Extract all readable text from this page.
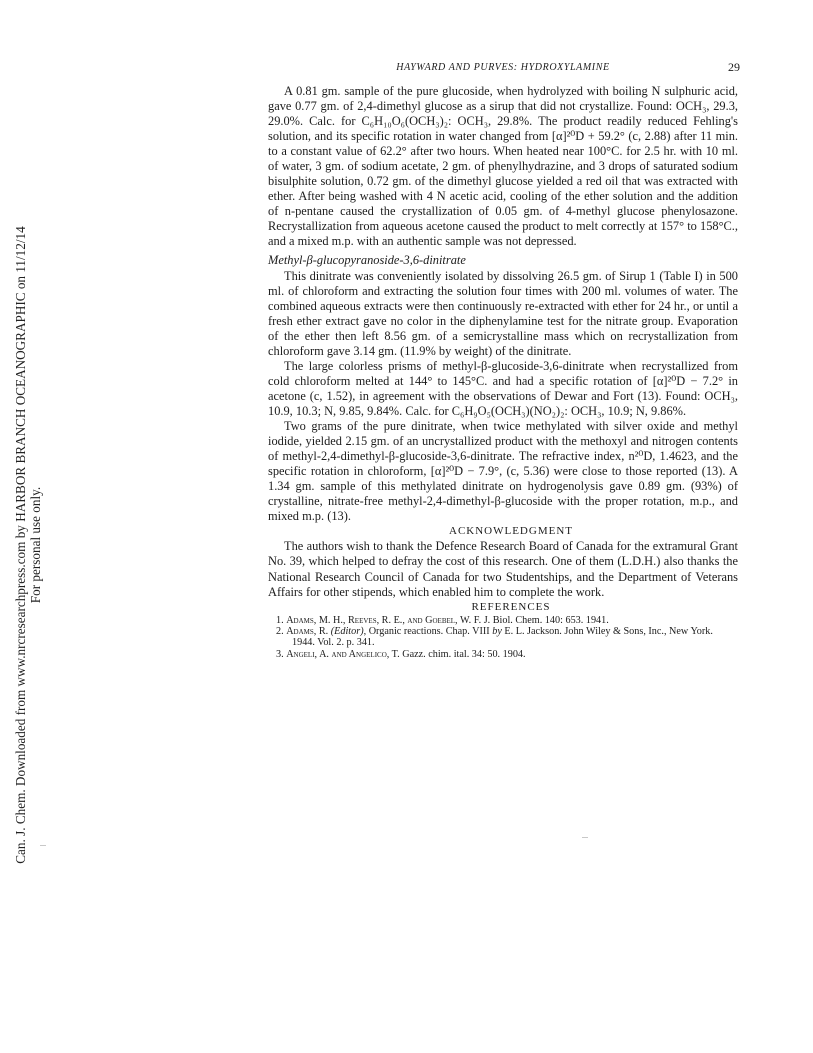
HAYWARD AND PURVES: HYDROXYLAMINE	29
Can. J. Chem. Downloaded from www.nrcresearchpress.com by HARBOR BRANCH OCEANOGRAPHIC on 11/12/14 For personal use only.

A 0.81 gm. sample of the pure glucoside, when hydrolyzed with boiling N sulphuric acid, gave 0.77 gm. of 2,4-dimethyl glucose as a sirup that did not crystallize. Found: OCH₃, 29.3, 29.0%. Calc. for C₆H₁₀O₆(OCH₃)₂: OCH₃, 29.8%. The product readily reduced Fehling's solution, and its specific rotation in water changed from [α]²⁰D + 59.2° (c, 2.88) after 11 min. to a constant value of 62.2° after two hours. When heated near 100°C. for 2.5 hr. with 10 ml. of water, 3 gm. of sodium acetate, 2 gm. of phenylhydrazine, and 3 drops of saturated sodium bisulphite solution, 0.72 gm. of the dimethyl glucose yielded a red oil that was extracted with ether. After being washed with 4 N acetic acid, cooling of the ether solution and the addition of n-pentane caused the crystallization of 0.05 gm. of 4-methyl glucose phenylosazone. Recrystallization from aqueous acetone caused the product to melt correctly at 157° to 158°C., and a mixed m.p. with an authentic sample was not depressed.

Methyl-β-glucopyranoside-3,6-dinitrate

This dinitrate was conveniently isolated by dissolving 26.5 gm. of Sirup 1 (Table I) in 500 ml. of chloroform and extracting the solution four times with 200 ml. volumes of water. The combined aqueous extracts were then continuously re-extracted with ether for 24 hr., or until a fresh ether extract gave no color in the diphenylamine test for the nitrate group. Evaporation of the ether then left 8.56 gm. of a semicrystalline mass which on recrystallization from chloroform gave 3.14 gm. (11.9% by weight) of the dinitrate.

The large colorless prisms of methyl-β-glucoside-3,6-dinitrate when recrystallized from cold chloroform melted at 144° to 145°C. and had a specific rotation of [α]²⁰D − 7.2° in acetone (c, 1.52), in agreement with the observations of Dewar and Fort (13). Found: OCH₃, 10.9, 10.3; N, 9.85, 9.84%. Calc. for C₆H₉O₅(OCH₃)(NO₂)₂: OCH₃, 10.9; N, 9.86%.

Two grams of the pure dinitrate, when twice methylated with silver oxide and methyl iodide, yielded 2.15 gm. of an uncrystallized product with the methoxyl and nitrogen contents of methyl-2,4-dimethyl-β-glucoside-3,6-dinitrate. The refractive index, n²⁰D, 1.4623, and the specific rotation in chloroform, [α]²⁰D − 7.9°, (c, 5.36) were close to those reported (13). A 1.34 gm. sample of this methylated dinitrate on hydrogenolysis gave 0.89 gm. (93%) of crystalline, nitrate-free methyl-2,4-dimethyl-β-glucoside with the proper rotation, m.p., and mixed m.p. (13).

ACKNOWLEDGMENT

The authors wish to thank the Defence Research Board of Canada for the extramural Grant No. 39, which helped to defray the cost of this research. One of them (L.D.H.) also thanks the National Research Council of Canada for two Studentships, and the Department of Veterans Affairs for other stipends, which enabled him to complete the work.

REFERENCES

1. Adams, M. H., Reeves, R. E., and Goebel, W. F. J. Biol. Chem. 140: 653. 1941.
2. Adams, R. (Editor), Organic reactions. Chap. VIII by E. L. Jackson. John Wiley & Sons, Inc., New York. 1944. Vol. 2. p. 341.
3. Angeli, A. and Angelico, T. Gazz. chim. ital. 34: 50. 1904.
